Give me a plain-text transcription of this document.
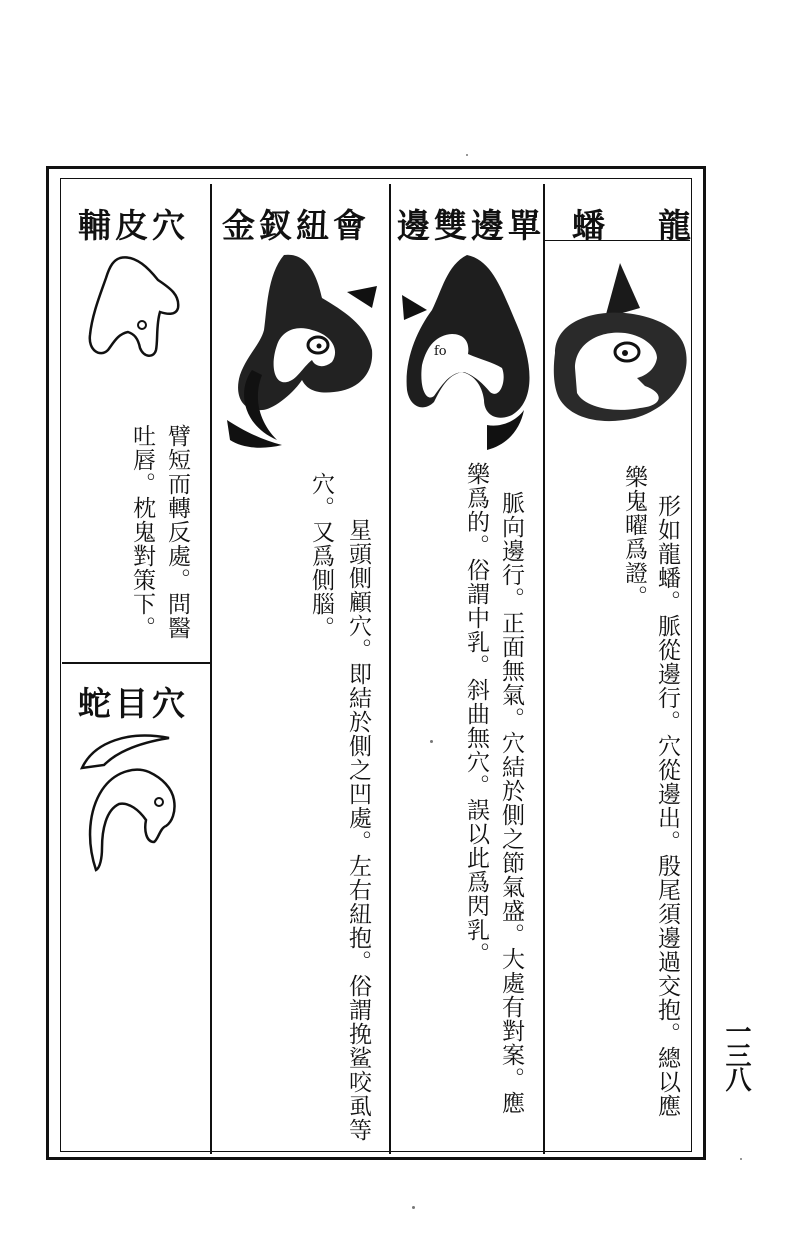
蟠　龍
形如龍蟠。脈從邊行。穴從邊出。殷尾須邊過交抱。總以應
樂鬼曜爲證。
邊雙邊單
fo
脈向邊行。正面無氣。穴結於側之節氣盛。大處有對案。應
樂爲的。俗謂中乳。斜曲無穴。誤以此爲閃乳。
金釵紐會
星頭側顧穴。即結於側之凹處。左右紐抱。俗謂挽鲨咬虱等
穴。又爲側腦。
輔皮穴
臂短而轉反處。問醫
吐唇。枕鬼對策下。
蛇目穴
一三八
